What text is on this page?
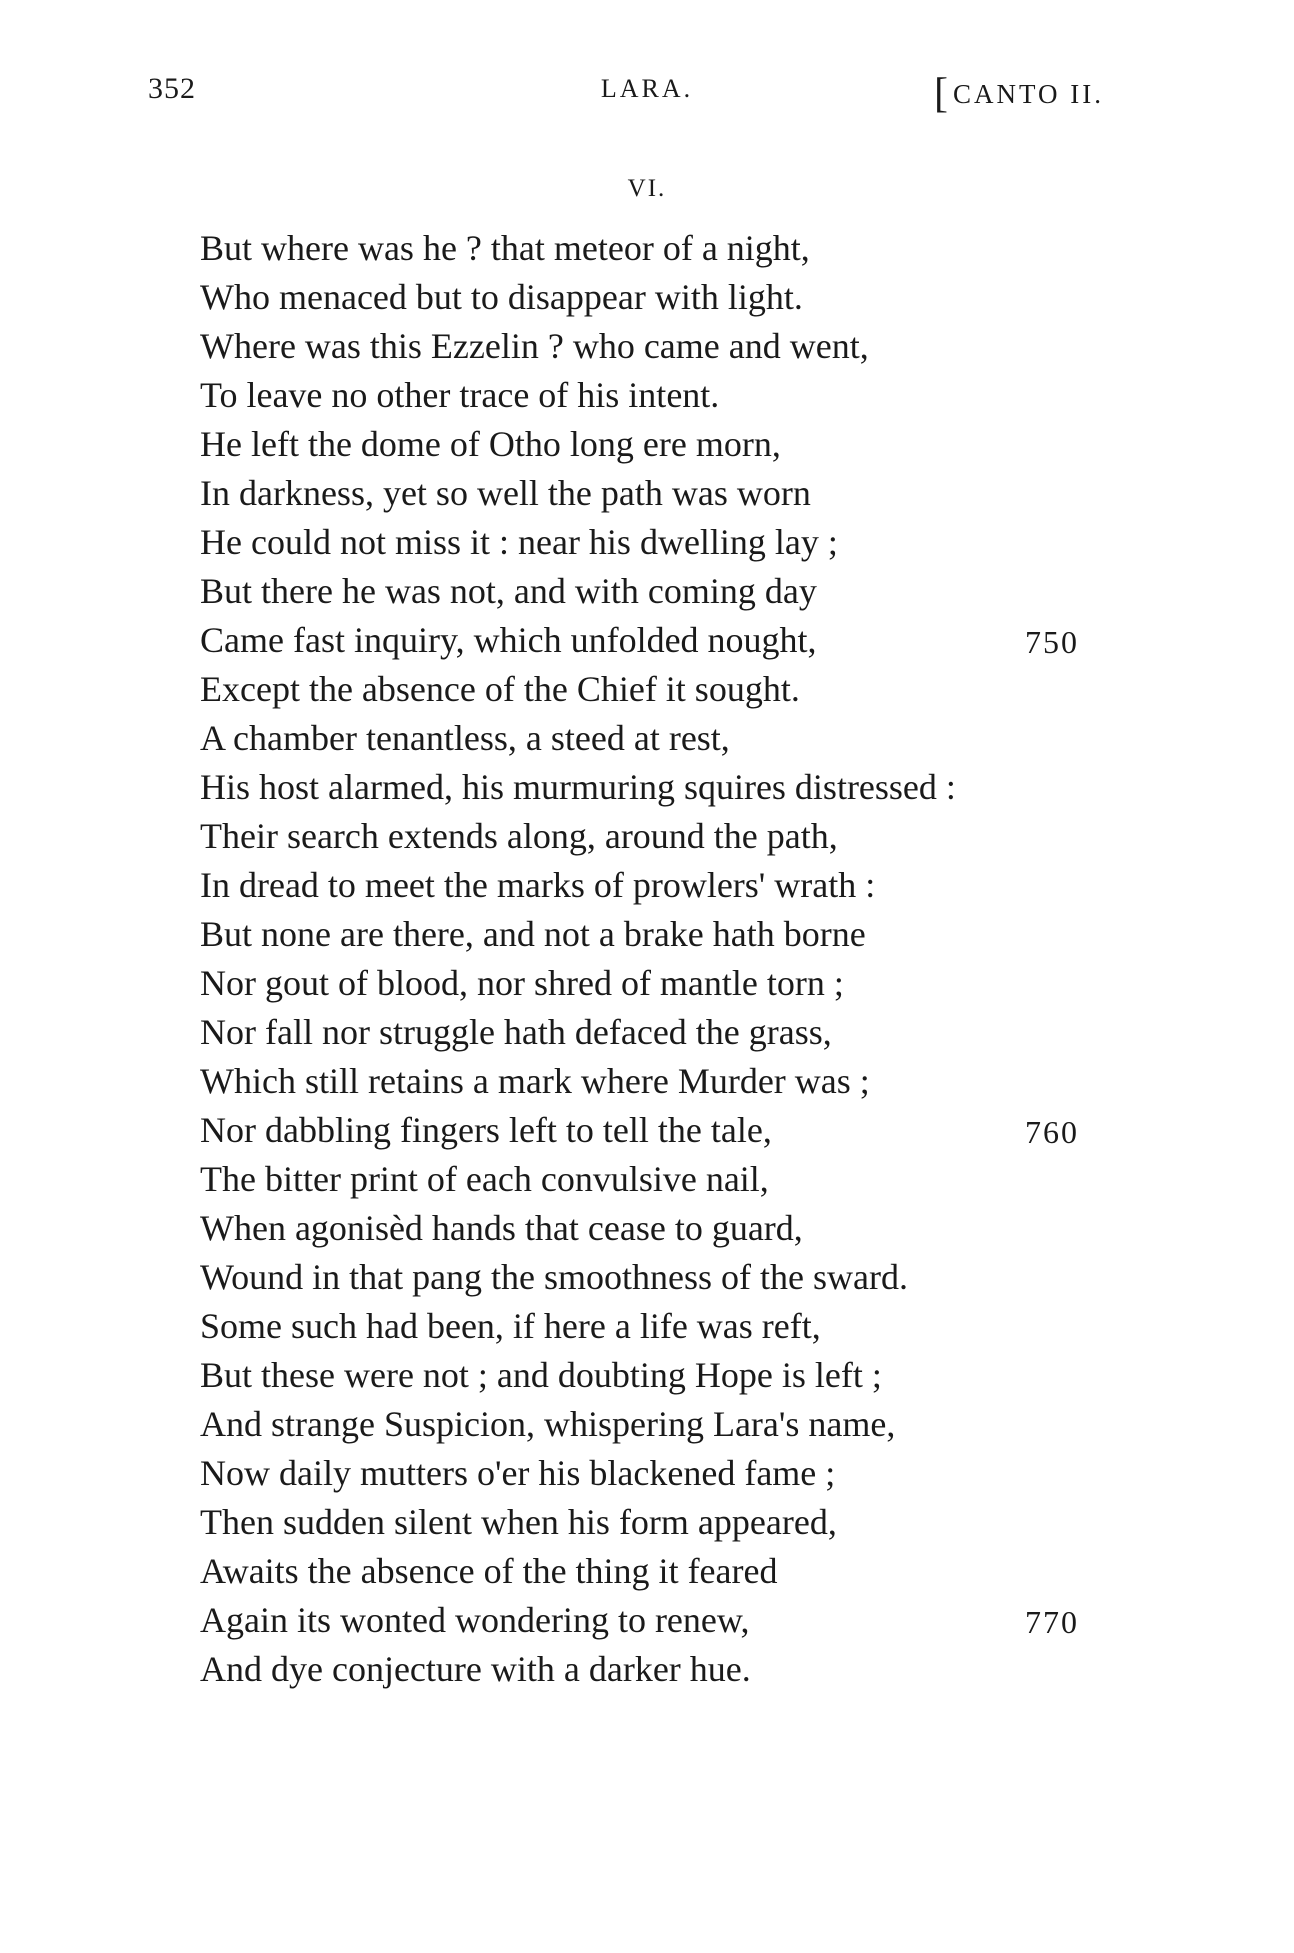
352	LARA.	[CANTO II.
VI.
But where was he ? that meteor of a night,
Who menaced but to disappear with light.
Where was this Ezzelin ? who came and went,
To leave no other trace of his intent.
He left the dome of Otho long ere morn,
In darkness, yet so well the path was worn
He could not miss it : near his dwelling lay ;
But there he was not, and with coming day
Came fast inquiry, which unfolded nought,	750
Except the absence of the Chief it sought.
A chamber tenantless, a steed at rest,
His host alarmed, his murmuring squires distressed :
Their search extends along, around the path,
In dread to meet the marks of prowlers' wrath :
But none are there, and not a brake hath borne
Nor gout of blood, nor shred of mantle torn ;
Nor fall nor struggle hath defaced the grass,
Which still retains a mark where Murder was ;
Nor dabbling fingers left to tell the tale,	760
The bitter print of each convulsive nail,
When agonisèd hands that cease to guard,
Wound in that pang the smoothness of the sward.
Some such had been, if here a life was reft,
But these were not ; and doubting Hope is left ;
And strange Suspicion, whispering Lara's name,
Now daily mutters o'er his blackened fame ;
Then sudden silent when his form appeared,
Awaits the absence of the thing it feared
Again its wonted wondering to renew,	770
And dye conjecture with a darker hue.
